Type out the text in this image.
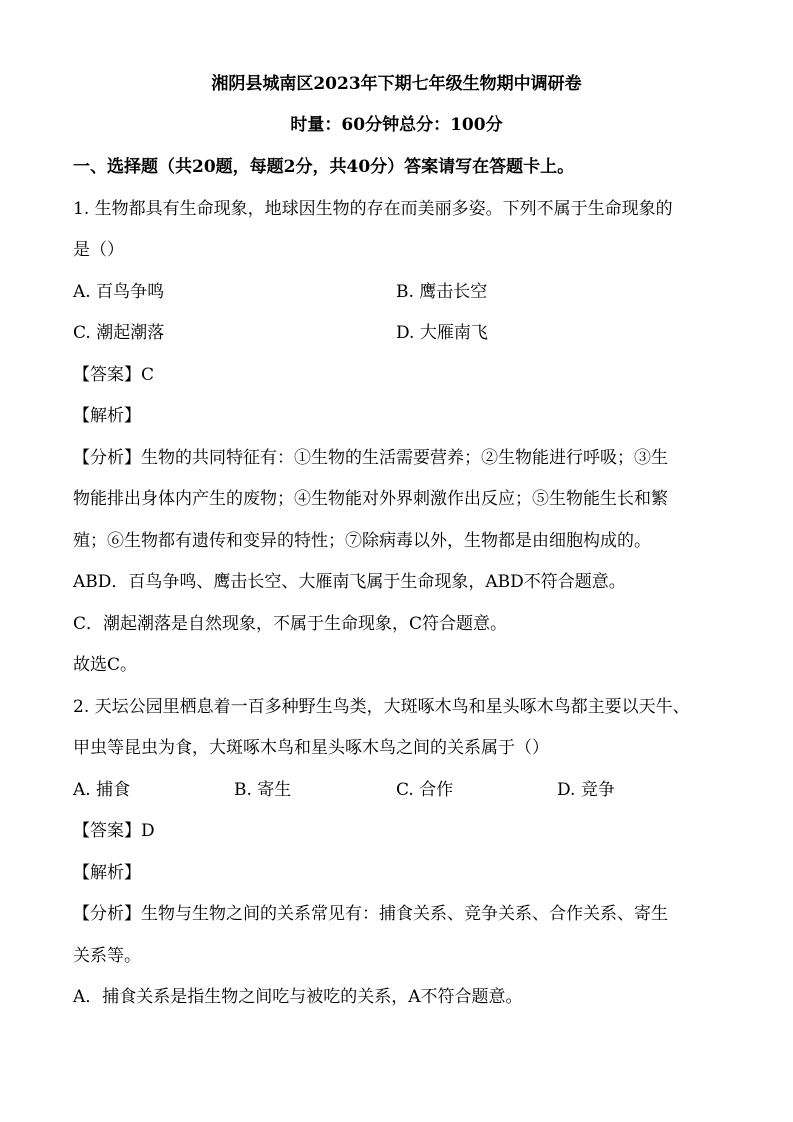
湘阴县城南区2023年下期七年级生物期中调研卷
时量：60分钟总分：100分
一、选择题（共20题，每题2分，共40分）答案请写在答题卡上。
1. 生物都具有生命现象，地球因生物的存在而美丽多姿。下列不属于生命现象的
是（）
A. 百鸟争鸣	B. 鹰击长空
C. 潮起潮落	D. 大雁南飞
【答案】C
【解析】
【分析】生物的共同特征有：①生物的生活需要营养；②生物能进行呼吸；③生
物能排出身体内产生的废物；④生物能对外界刺激作出反应；⑤生物能生长和繁
殖；⑥生物都有遗传和变异的特性；⑦除病毒以外，生物都是由细胞构成的。
ABD．百鸟争鸣、鹰击长空、大雁南飞属于生命现象，ABD不符合题意。
C．潮起潮落是自然现象，不属于生命现象，C符合题意。
故选C。
2. 天坛公园里栖息着一百多种野生鸟类，大斑啄木鸟和星头啄木鸟都主要以天牛、
甲虫等昆虫为食，大斑啄木鸟和星头啄木鸟之间的关系属于（）
A. 捕食	B. 寄生	C. 合作	D. 竞争
【答案】D
【解析】
【分析】生物与生物之间的关系常见有：捕食关系、竞争关系、合作关系、寄生
关系等。
A．捕食关系是指生物之间吃与被吃的关系，A不符合题意。
